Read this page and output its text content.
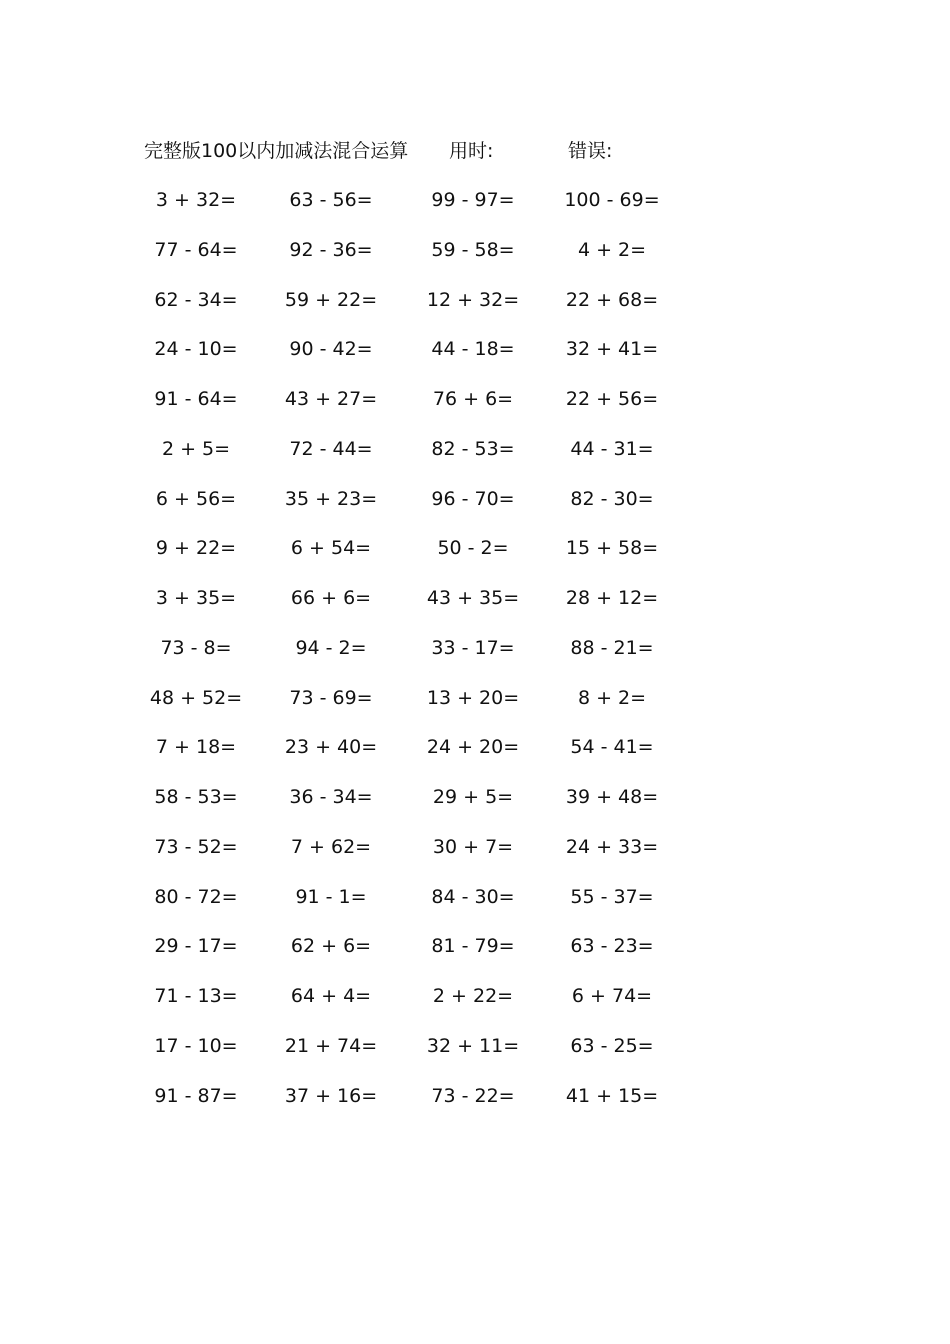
完整版100以内加减法混合运算 用时:	错误:
3 + 32=	63 - 56=	99 - 97=	100 - 69=
77 - 64=	92 - 36=	59 - 58=	4 + 2=
62 - 34=	59 + 22=	12 + 32=	22 + 68=
24 - 10=	90 - 42=	44 - 18=	32 + 41=
91 - 64=	43 + 27=	76 + 6=	22 + 56=
2 + 5=	72 - 44=	82 - 53=	44 - 31=
6 + 56=	35 + 23=	96 - 70=	82 - 30=
9 + 22=	6 + 54=	50 - 2=	15 + 58=
3 + 35=	66 + 6=	43 + 35=	28 + 12=
73 - 8=	94 - 2=	33 - 17=	88 - 21=
48 + 52=	73 - 69=	13 + 20=	8 + 2=
7 + 18=	23 + 40=	24 + 20=	54 - 41=
58 - 53=	36 - 34=	29 + 5=	39 + 48=
73 - 52=	7 + 62=	30 + 7=	24 + 33=
80 - 72=	91 - 1=	84 - 30=	55 - 37=
29 - 17=	62 + 6=	81 - 79=	63 - 23=
71 - 13=	64 + 4=	2 + 22=	6 + 74=
17 - 10=	21 + 74=	32 + 11=	63 - 25=
91 - 87=	37 + 16=	73 - 22=	41 + 15=
